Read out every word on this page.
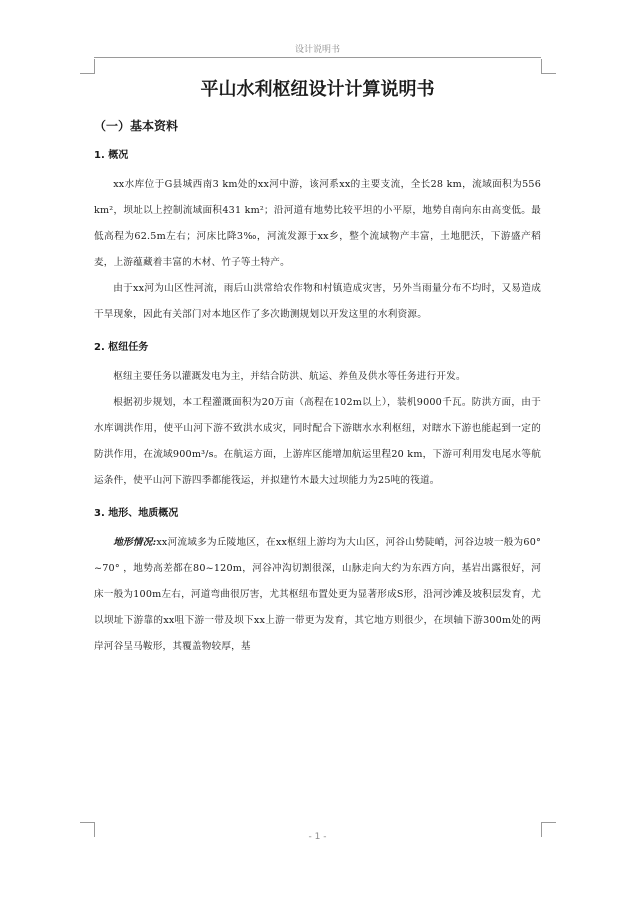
设计说明书
平山水利枢纽设计计算说明书
（一）基本资料
1. 概况

xx水库位于G县城西南3 km处的xx河中游，该河系xx的主要支流，全长28 km，流域面积为556 km²，坝址以上控制流域面积431 km²；沿河道有地势比较平坦的小平原，地势自南向东由高变低。最低高程为62.5m左右；河床比降3‰，河流发源于xx乡，整个流域物产丰富，土地肥沃，下游盛产稻麦，上游蕴藏着丰富的木材、竹子等土特产。

由于xx河为山区性河流，雨后山洪常给农作物和村镇造成灾害，另外当雨量分布不均时，又易造成干旱现象，因此有关部门对本地区作了多次勘测规划以开发这里的水利资源。

2. 枢纽任务

枢纽主要任务以灌溉发电为主，并结合防洪、航运、养鱼及供水等任务进行开发。

根据初步规划，本工程灌溉面积为20万亩（高程在102m以上），装机9000千瓦。防洪方面，由于水库调洪作用，使平山河下游不致洪水成灾，同时配合下游瞎水水利枢纽，对瞎水下游也能起到一定的防洪作用，在流域900m³/s。在航运方面，上游库区能增加航运里程20 km，下游可利用发电尾水等航运条件，使平山河下游四季都能筏运，并拟建竹木最大过坝能力为25吨的筏道。

3. 地形、地质概况

地形情况:xx河流域多为丘陵地区，在xx枢纽上游均为大山区，河谷山势陡峭，河谷边坡一般为60° ~70° ，地势高差都在80~120m，河谷冲沟切割很深，山脉走向大约为东西方向，基岩出露很好，河床一般为100m左右，河道弯曲很厉害，尤其枢纽布置处更为显著形成S形，沿河沙滩及坡积层发育，尤以坝址下游靠的xx咀下游一带及坝下xx上游一带更为发育，其它地方则很少，在坝轴下游300m处的两岸河谷呈马鞍形，其覆盖物较厚，基

- 1 -
